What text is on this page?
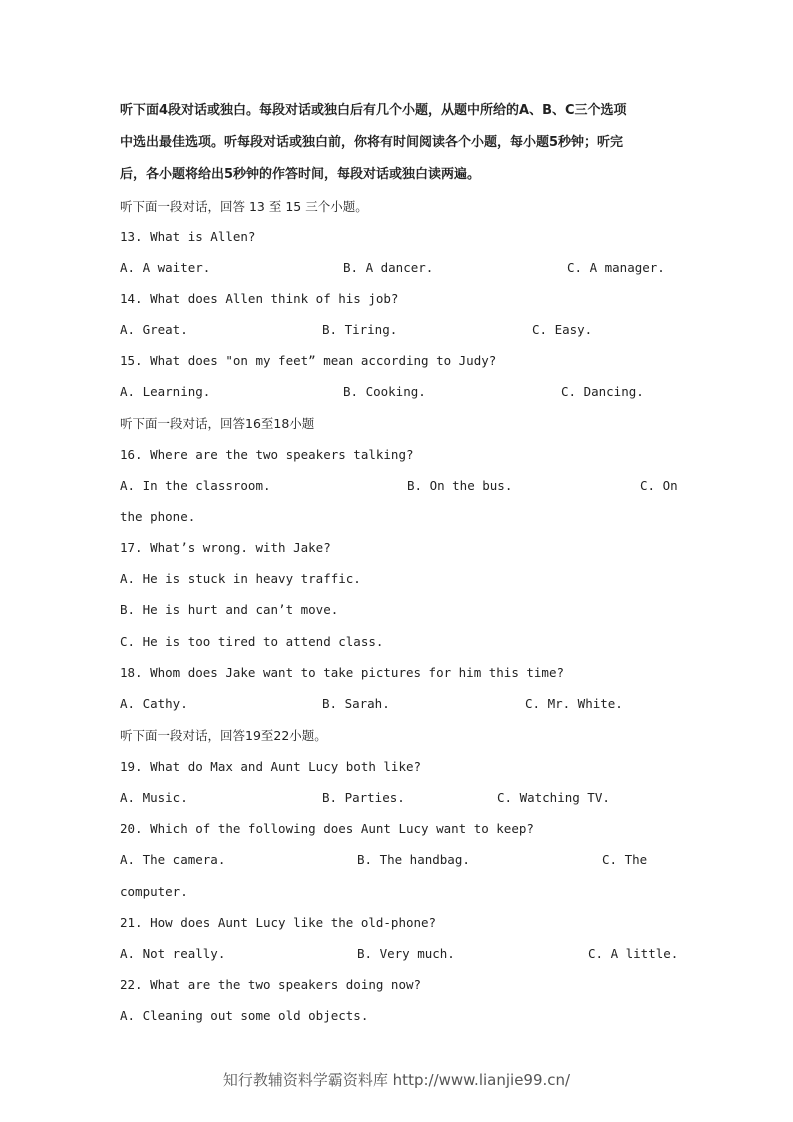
听下面4段对话或独白。每段对话或独白后有几个小题，从题中所给的A、B、C三个选项
中选出最佳选项。听每段对话或独白前，你将有时间阅读各个小题，每小题5秒钟；听完
后，各小题将给出5秒钟的作答时间，每段对话或独白读两遍。
听下面一段对话，回答 13 至 15 三个小题。
13. What is Allen?
A. A waiter.	B. A dancer.	C. A manager.
14. What does Allen think of his job?
A. Great.	B. Tiring.	C. Easy.
15. What does "on my feet” mean according to Judy?
A. Learning.	B. Cooking.	C. Dancing.
听下面一段对话，回答16至18小题
16. Where are the two speakers talking?
A. In the classroom.	B. On the bus.	C. On
the phone.
17. What’s wrong. with Jake?
A. He is stuck in heavy traffic.
B. He is hurt and can’t move.
C. He is too tired to attend class.
18. Whom does Jake want to take pictures for him this time?
A. Cathy.	B. Sarah.	C. Mr. White.
听下面一段对话，回答19至22小题。
19. What do Max and Aunt Lucy both like?
A. Music.	B. Parties.	C. Watching TV.
20. Which of the following does Aunt Lucy want to keep?
A. The camera.	B. The handbag.	C. The
computer.
21. How does Aunt Lucy like the old-phone?
A. Not really.	B. Very much.	C. A little.
22. What are the two speakers doing now?
A. Cleaning out some old objects.
知行教辅资料学霸资料库 http://www.lianjie99.cn/
